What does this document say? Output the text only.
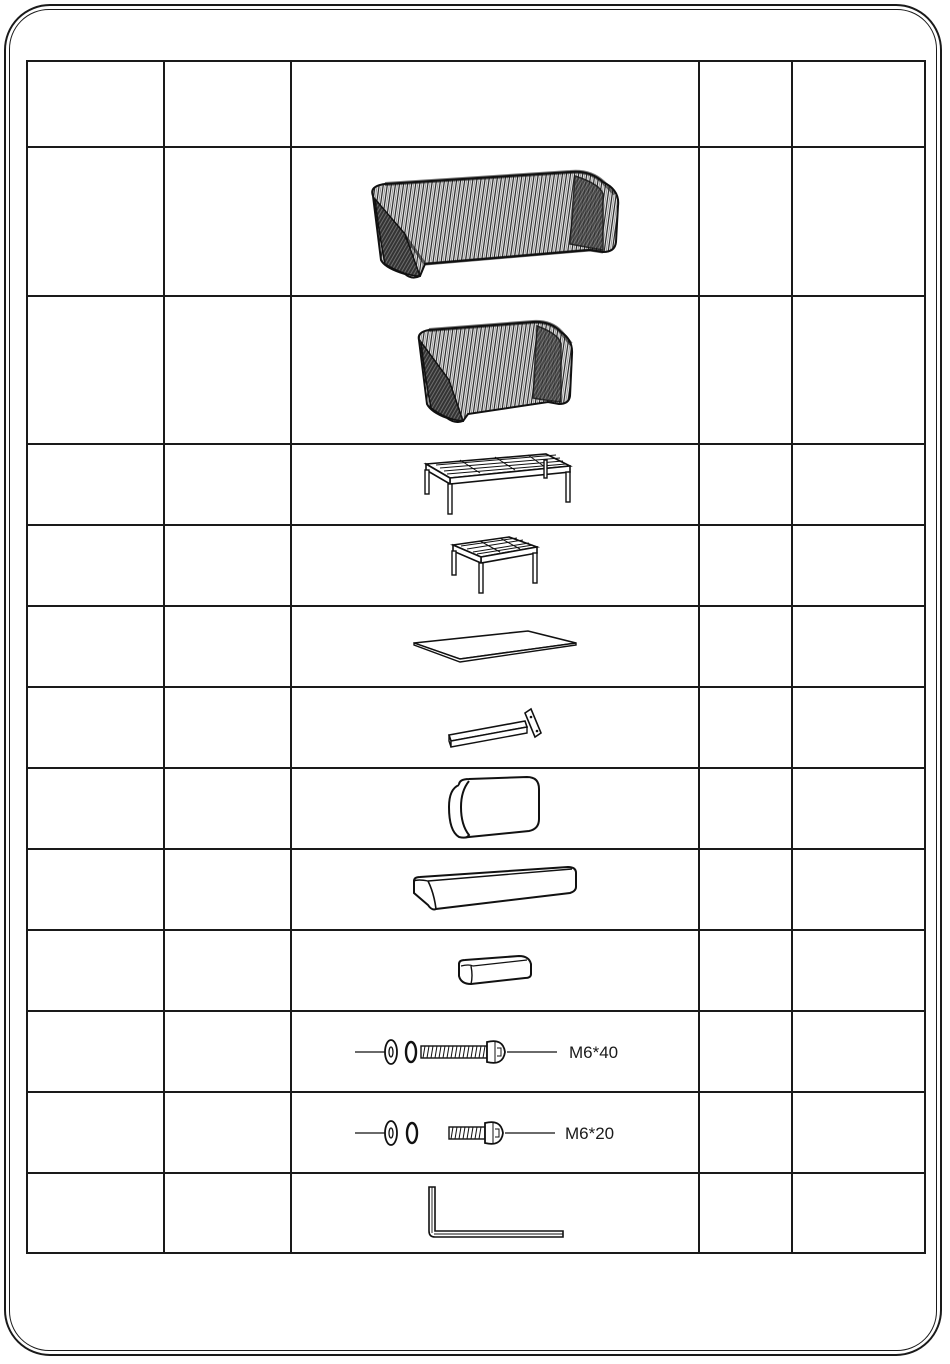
M6*40		

M6*20		
